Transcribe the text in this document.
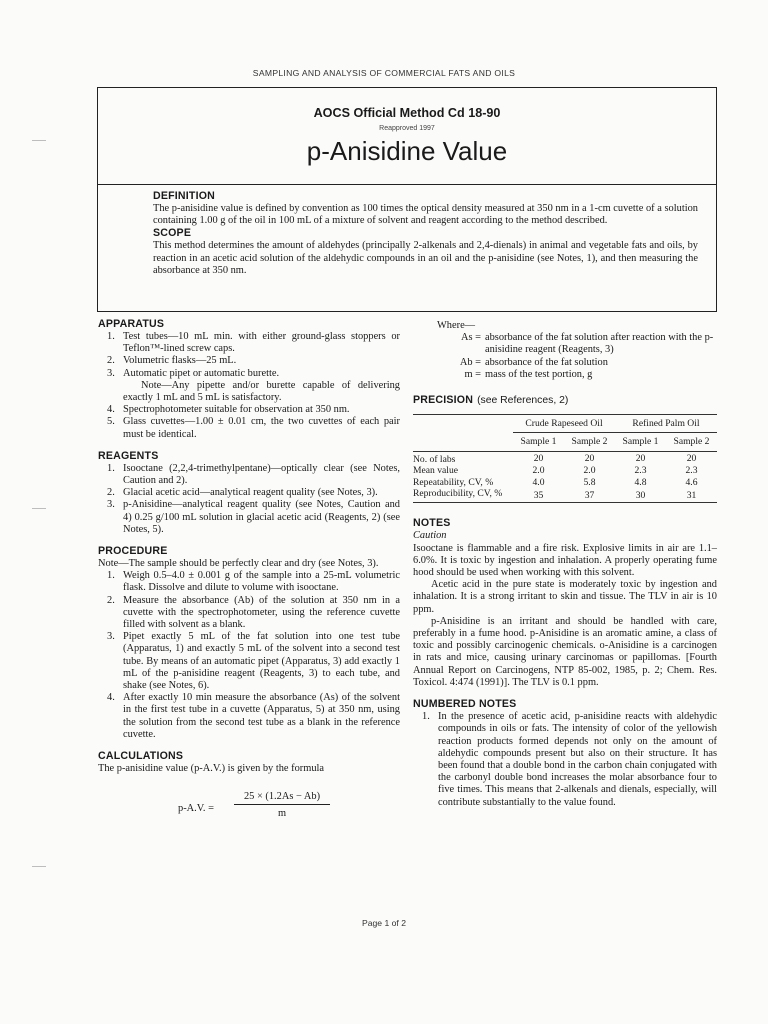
SAMPLING AND ANALYSIS OF COMMERCIAL FATS AND OILS
AOCS Official Method Cd 18-90
Reapproved 1997
p-Anisidine Value
DEFINITION
The p-anisidine value is defined by convention as 100 times the optical density measured at 350 nm in a 1-cm cuvette of a solution containing 1.00 g of the oil in 100 mL of a mixture of solvent and reagent according to the method described.
SCOPE
This method determines the amount of aldehydes (principally 2-alkenals and 2,4-dienals) in animal and vegetable fats and oils, by reaction in an acetic acid solution of the aldehydic compounds in an oil and the p-anisidine (see Notes, 1), and then measuring the absorbance at 350 nm.
APPARATUS
1. Test tubes—10 mL min. with either ground-glass stoppers or Teflon™-lined screw caps.
2. Volumetric flasks—25 mL.
3. Automatic pipet or automatic burette.
Note—Any pipette and/or burette capable of delivering exactly 1 mL and 5 mL is satisfactory.
4. Spectrophotometer suitable for observation at 350 nm.
5. Glass cuvettes—1.00 ± 0.01 cm, the two cuvettes of each pair must be identical.
REAGENTS
1. Isooctane (2,2,4-trimethylpentane)—optically clear (see Notes, Caution and 2).
2. Glacial acetic acid—analytical reagent quality (see Notes, 3).
3. p-Anisidine—analytical reagent quality (see Notes, Caution and 4) 0.25 g/100 mL solution in glacial acetic acid (Reagents, 2) (see Notes, 5).
PROCEDURE
Note—The sample should be perfectly clear and dry (see Notes, 3).
1. Weigh 0.5–4.0 ± 0.001 g of the sample into a 25-mL volumetric flask. Dissolve and dilute to volume with isooctane.
2. Measure the absorbance (Ab) of the solution at 350 nm in a cuvette with the spectrophotometer, using the reference cuvette filled with solvent as a blank.
3. Pipet exactly 5 mL of the fat solution into one test tube (Apparatus, 1) and exactly 5 mL of the solvent into a second test tube. By means of an automatic pipet (Apparatus, 3) add exactly 1 mL of the p-anisidine reagent (Reagents, 3) to each tube, and shake (see Notes, 6).
4. After exactly 10 min measure the absorbance (As) of the solvent in the first test tube in a cuvette (Apparatus, 5) at 350 nm, using the solution from the second test tube as a blank in the reference cuvette.
CALCULATIONS
The p-anisidine value (p-A.V.) is given by the formula
p-A.V. =
25 × (1.2As − Ab)
m
Where—
As = absorbance of the fat solution after reaction with the p-anisidine reagent (Reagents, 3)
Ab = absorbance of the fat solution
m = mass of the test portion, g
PRECISION (see References, 2)
	Crude Rapeseed Oil		Refined Palm Oil	
	Sample 1	Sample 2	Sample 1	Sample 2
No. of labs	20	20	20	20
Mean value	2.0	2.0	2.3	2.3
Repeatability, CV, %	4.0	5.8	4.8	4.6
Reproducibility, CV, %	35	37	30	31
NOTES
Caution
Isooctane is flammable and a fire risk. Explosive limits in air are 1.1–6.0%. It is toxic by ingestion and inhalation. A properly operating fume hood should be used when working with this solvent.
Acetic acid in the pure state is moderately toxic by ingestion and inhalation. It is a strong irritant to skin and tissue. The TLV in air is 10 ppm.
p-Anisidine is an irritant and should be handled with care, preferably in a fume hood. p-Anisidine is an aromatic amine, a class of toxic and possibly carcinogenic chemicals. o-Anisidine is a carcinogen in rats and mice, causing urinary carcinomas or papillomas. [Fourth Annual Report on Carcinogens, NTP 85-002, 1985, p. 2; Chem. Res. Toxicol. 4:474 (1991)]. The TLV is 0.1 ppm.
NUMBERED NOTES
1. In the presence of acetic acid, p-anisidine reacts with aldehydic compounds in oils or fats. The intensity of color of the yellowish reaction products formed depends not only on the amount of aldehydic compounds present but also on their structure. It has been found that a double bond in the carbon chain conjugated with the carbonyl double bond increases the molar absorbance four to five times. This means that 2-alkenals and dienals, especially, will contribute substantially to the value found.
Page 1 of 2
